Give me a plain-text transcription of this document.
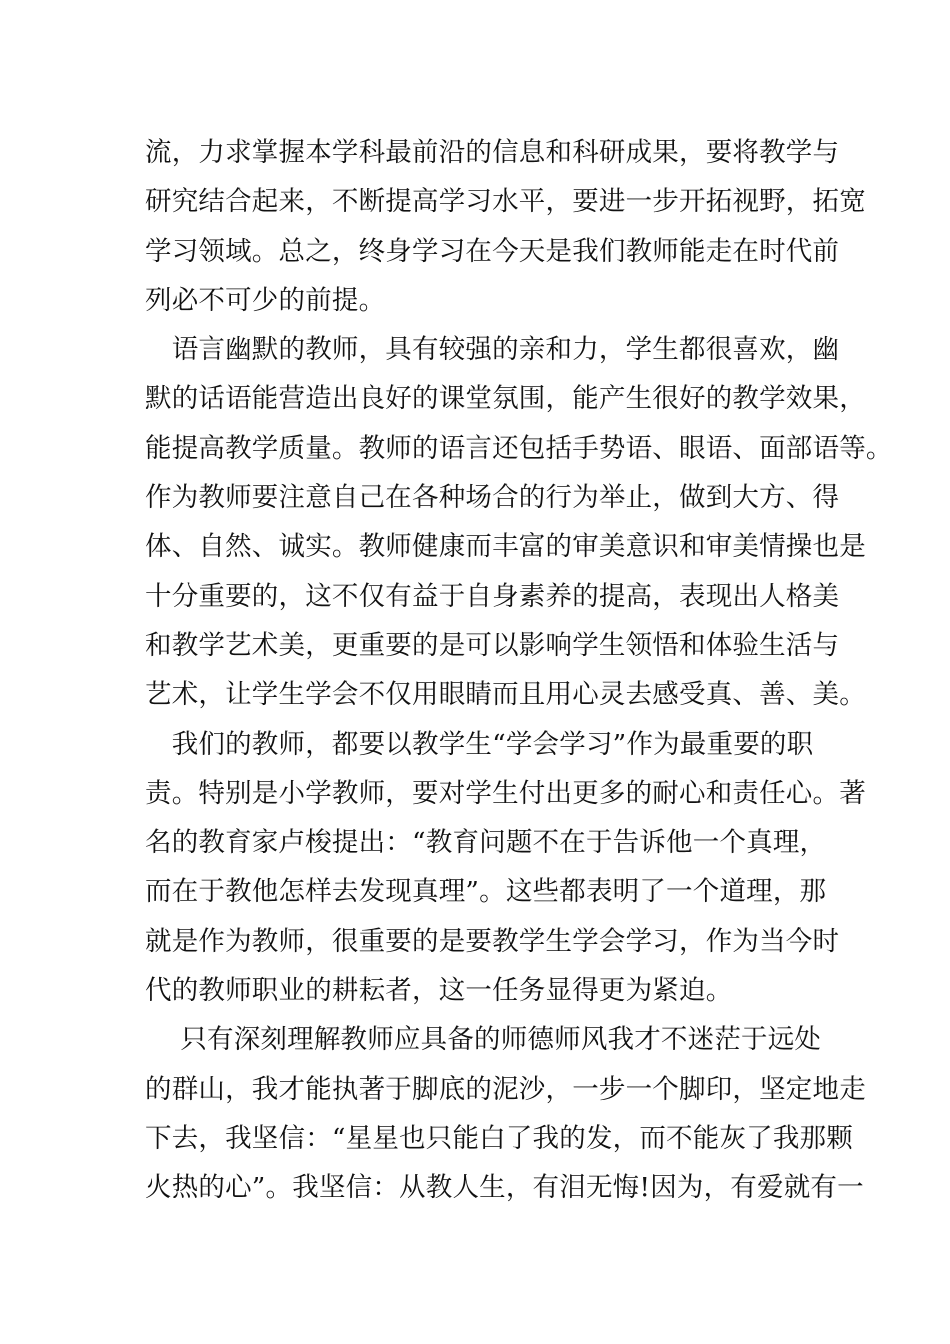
流，力求掌握本学科最前沿的信息和科研成果，要将教学与
研究结合起来，不断提高学习水平，要进一步开拓视野，拓宽
学习领域。总之，终身学习在今天是我们教师能走在时代前
列必不可少的前提。
　语言幽默的教师，具有较强的亲和力，学生都很喜欢，幽
默的话语能营造出良好的课堂氛围，能产生很好的教学效果，
能提高教学质量。教师的语言还包括手势语、眼语、面部语等。
作为教师要注意自己在各种场合的行为举止，做到大方、得
体、自然、诚实。教师健康而丰富的审美意识和审美情操也是
十分重要的，这不仅有益于自身素养的提高，表现出人格美
和教学艺术美，更重要的是可以影响学生领悟和体验生活与
艺术，让学生学会不仅用眼睛而且用心灵去感受真、善、美。
　我们的教师，都要以教学生“学会学习”作为最重要的职
责。特别是小学教师，要对学生付出更多的耐心和责任心。著
名的教育家卢梭提出：“教育问题不在于告诉他一个真理，
而在于教他怎样去发现真理”。这些都表明了一个道理，那
就是作为教师，很重要的是要教学生学会学习，作为当今时
代的教师职业的耕耘者，这一任务显得更为紧迫。
　 只有深刻理解教师应具备的师德师风我才不迷茫于远处
的群山，我才能执著于脚底的泥沙，一步一个脚印，坚定地走
下去，我坚信：“星星也只能白了我的发，而不能灰了我那颗
火热的心”。我坚信：从教人生，有泪无悔!因为，有爱就有一
